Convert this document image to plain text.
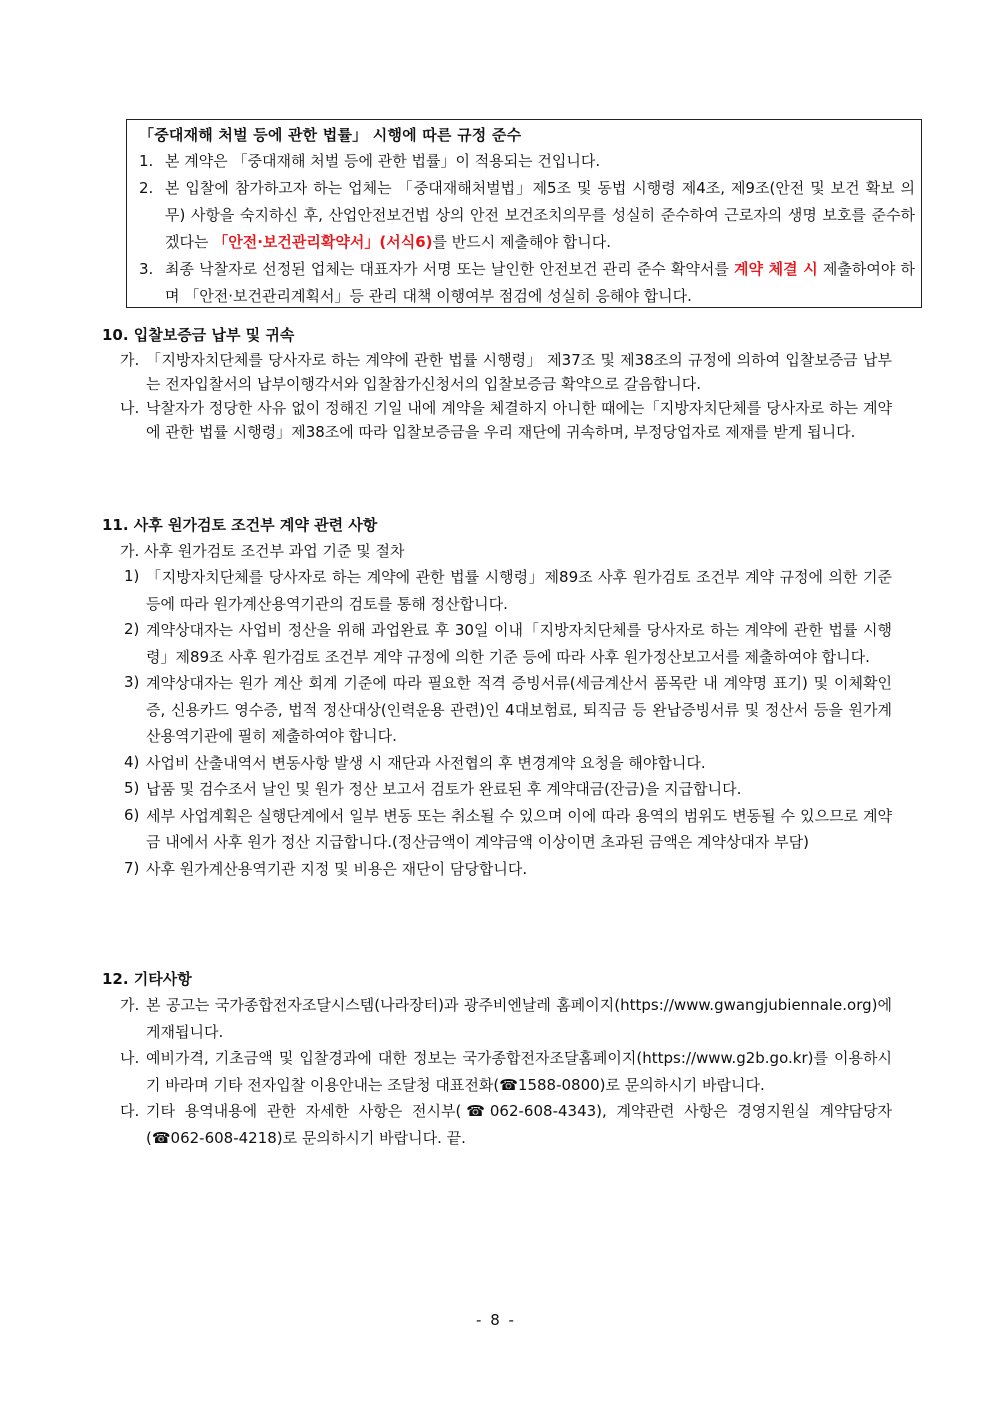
「중대재해 처벌 등에 관한 법률」 시행에 따른 규정 준수
1. 본 계약은 「중대재해 처벌 등에 관한 법률」이 적용되는 건입니다.
2. 본 입찰에 참가하고자 하는 업체는 「중대재해처벌법」제5조 및 동법 시행령 제4조, 제9조(안전 및 보건 확보 의무) 사항을 숙지하신 후, 산업안전보건법 상의 안전 보건조치의무를 성실히 준수하여 근로자의 생명 보호를 준수하겠다는 「안전·보건관리확약서」(서식6)를 반드시 제출해야 합니다.
3. 최종 낙찰자로 선정된 업체는 대표자가 서명 또는 날인한 안전보건 관리 준수 확약서를 계약 체결 시 제출하여야 하며 「안전·보건관리계획서」등 관리 대책 이행여부 점검에 성실히 응해야 합니다.
10. 입찰보증금 납부 및 귀속
가. 「지방자치단체를 당사자로 하는 계약에 관한 법률 시행령」 제37조 및 제38조의 규정에 의하여 입찰보증금 납부는 전자입찰서의 납부이행각서와 입찰참가신청서의 입찰보증금 확약으로 갈음합니다.
나. 낙찰자가 정당한 사유 없이 정해진 기일 내에 계약을 체결하지 아니한 때에는「지방자치단체를 당사자로 하는 계약에 관한 법률 시행령」제38조에 따라 입찰보증금을 우리 재단에 귀속하며, 부정당업자로 제재를 받게 됩니다.
11. 사후 원가검토 조건부 계약 관련 사항
가. 사후 원가검토 조건부 과업 기준 및 절차
1) 「지방자치단체를 당사자로 하는 계약에 관한 법률 시행령」제89조 사후 원가검토 조건부 계약 규정에 의한 기준 등에 따라 원가계산용역기관의 검토를 통해 정산합니다.
2) 계약상대자는 사업비 정산을 위해 과업완료 후 30일 이내「지방자치단체를 당사자로 하는 계약에 관한 법률 시행령」제89조 사후 원가검토 조건부 계약 규정에 의한 기준 등에 따라 사후 원가정산보고서를 제출하여야 합니다.
3) 계약상대자는 원가 계산 회계 기준에 따라 필요한 적격 증빙서류(세금계산서 품목란 내 계약명 표기) 및 이체확인증, 신용카드 영수증, 법적 정산대상(인력운용 관련)인 4대보험료, 퇴직금 등 완납증빙서류 및 정산서 등을 원가계산용역기관에 필히 제출하여야 합니다.
4) 사업비 산출내역서 변동사항 발생 시 재단과 사전협의 후 변경계약 요청을 해야합니다.
5) 납품 및 검수조서 날인 및 원가 정산 보고서 검토가 완료된 후 계약대금(잔금)을 지급합니다.
6) 세부 사업계획은 실행단계에서 일부 변동 또는 취소될 수 있으며 이에 따라 용역의 범위도 변동될 수 있으므로 계약금 내에서 사후 원가 정산 지급합니다.(정산금액이 계약금액 이상이면 초과된 금액은 계약상대자 부담)
7) 사후 원가계산용역기관 지정 및 비용은 재단이 담당합니다.
12. 기타사항
가. 본 공고는 국가종합전자조달시스템(나라장터)과 광주비엔날레 홈페이지(https://www.gwangjubiennale.org)에 게재됩니다.
나. 예비가격, 기초금액 및 입찰경과에 대한 정보는 국가종합전자조달홈페이지(https://www.g2b.go.kr)를 이용하시기 바라며 기타 전자입찰 이용안내는 조달청 대표전화(☎1588-0800)로 문의하시기 바랍니다.
다. 기타 용역내용에 관한 자세한 사항은 전시부(☎062-608-4343), 계약관련 사항은 경영지원실 계약담당자(☎062-608-4218)로 문의하시기 바랍니다. 끝.
- 8 -
